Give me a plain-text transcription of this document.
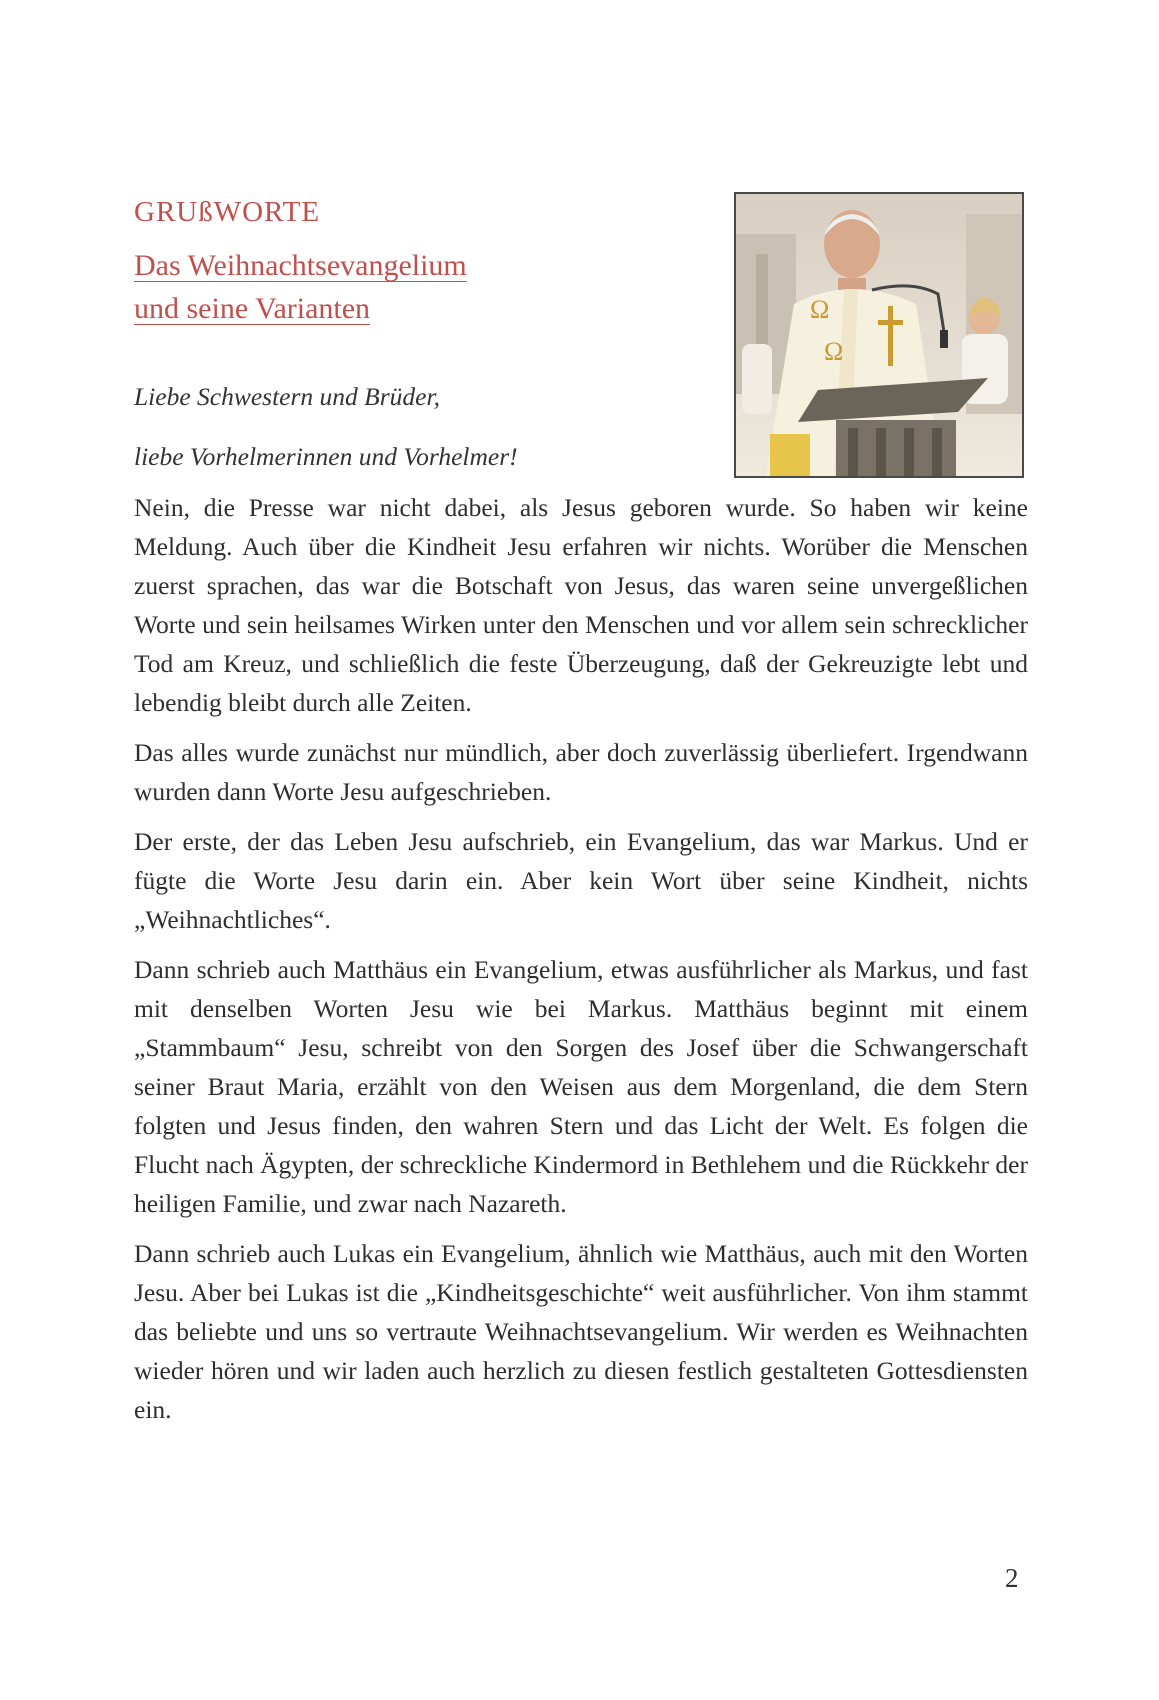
GRUßWORTE
Das Weihnachtsevangelium
und seine Varianten

Liebe Schwestern und Brüder,

liebe Vorhelmerinnen und Vorhelmer!

Ω
Ω

Nein, die Presse war nicht dabei, als Jesus geboren wurde. So haben wir keine Meldung. Auch über die Kindheit Jesu erfahren wir nichts. Worüber die Menschen zuerst sprachen, das war die Botschaft von Jesus, das waren seine unvergeßlichen Worte und sein heilsames Wirken unter den Menschen und vor allem sein schrecklicher Tod am Kreuz, und schließlich die feste Überzeugung, daß der Gekreuzigte lebt und lebendig bleibt durch alle Zeiten.

Das alles wurde zunächst nur mündlich, aber doch zuverlässig überliefert. Irgendwann wurden dann Worte Jesu aufgeschrieben.

Der erste, der das Leben Jesu aufschrieb, ein Evangelium, das war Markus. Und er fügte die Worte Jesu darin ein. Aber kein Wort über seine Kindheit, nichts „Weihnachtliches“.

Dann schrieb auch Matthäus ein Evangelium, etwas ausführlicher als Markus, und fast mit denselben Worten Jesu wie bei Markus. Matthäus beginnt mit einem „Stammbaum“ Jesu, schreibt von den Sorgen des Josef über die Schwangerschaft seiner Braut Maria, erzählt von den Weisen aus dem Morgenland, die dem Stern folgten und Jesus finden, den wahren Stern und das Licht der Welt. Es folgen die Flucht nach Ägypten, der schreckliche Kindermord in Bethlehem und die Rückkehr der heiligen Familie, und zwar nach Nazareth.

Dann schrieb auch Lukas ein Evangelium, ähnlich wie Matthäus, auch mit den Worten Jesu. Aber bei Lukas ist die „Kindheitsgeschichte“ weit ausführlicher. Von ihm stammt das beliebte und uns so vertraute Weihnachtsevangelium. Wir werden es Weihnachten wieder hören und wir laden auch herzlich zu diesen festlich gestalteten Gottesdiensten ein.

2
